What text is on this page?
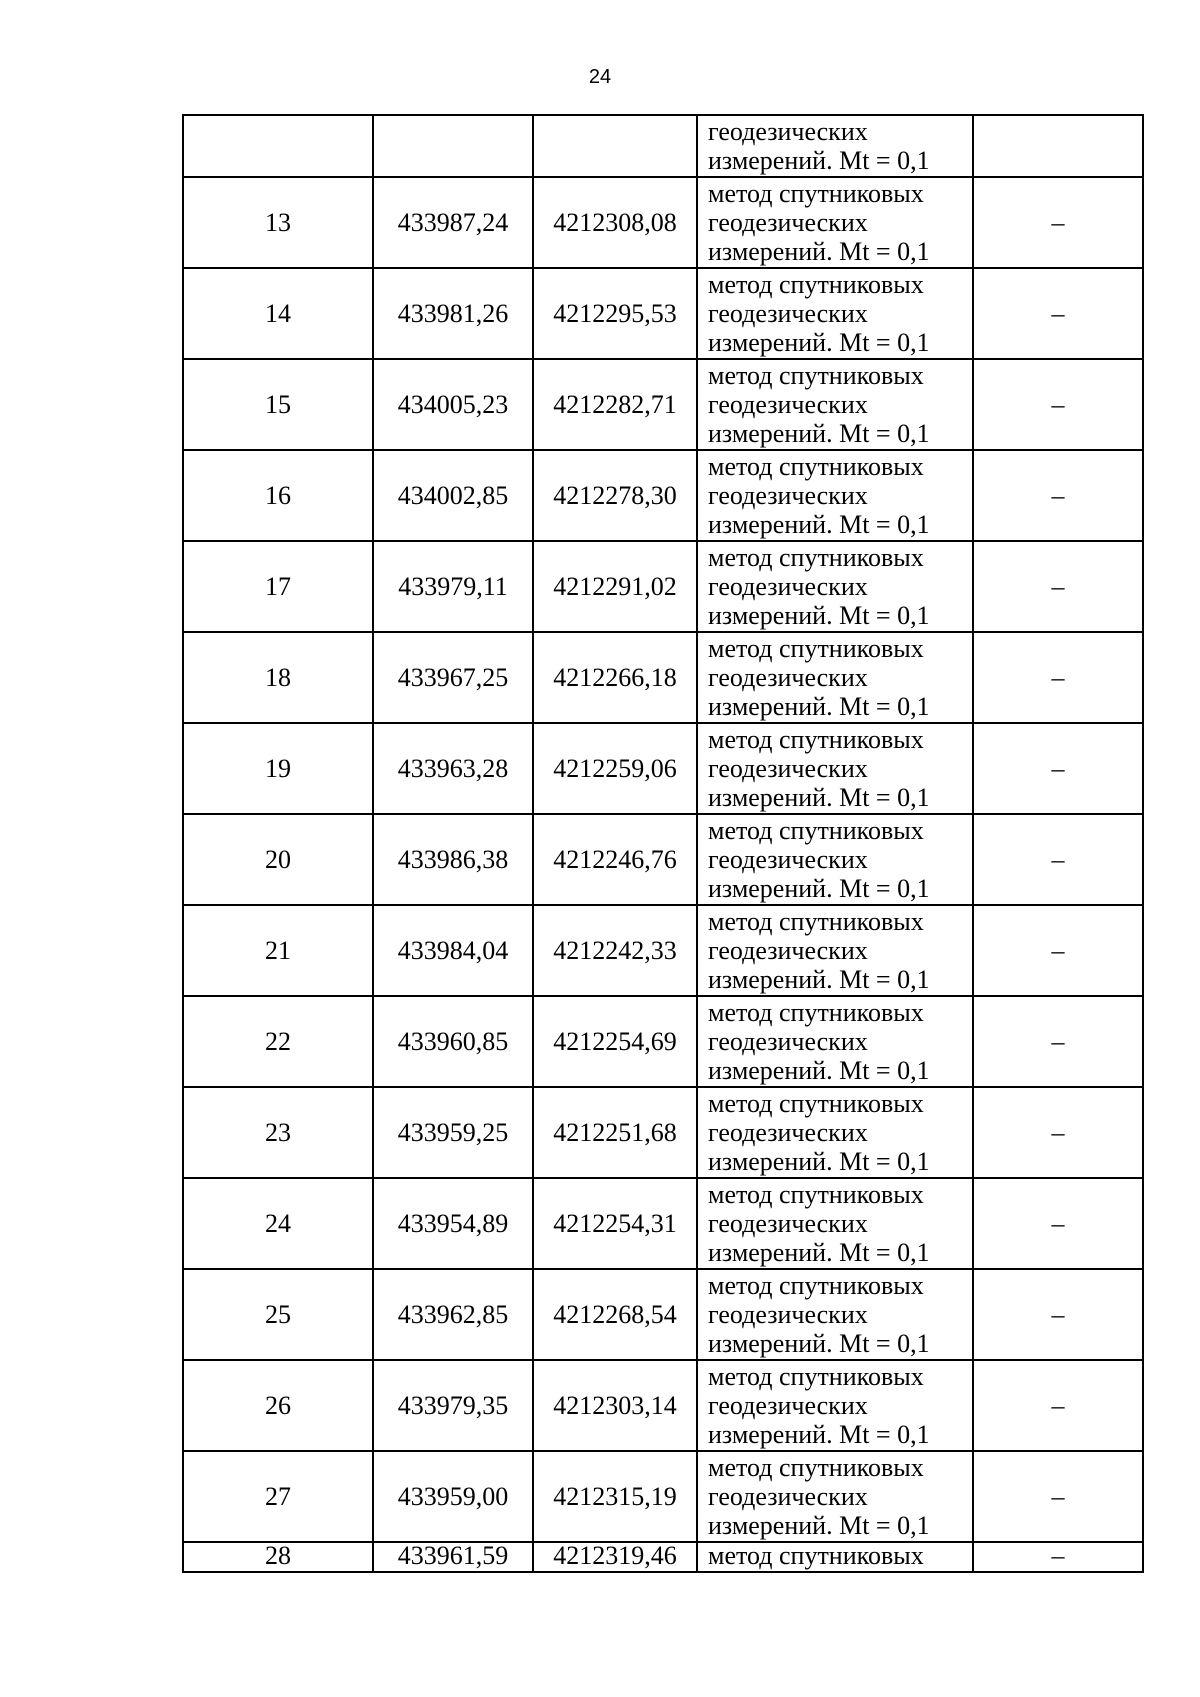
24

			геодезических
измерений. Mt = 0,1	

13	433987,24	4212308,08	метод спутниковых
геодезических
измерений. Mt = 0,1	–
14	433981,26	4212295,53	метод спутниковых
геодезических
измерений. Mt = 0,1	–
15	434005,23	4212282,71	метод спутниковых
геодезических
измерений. Mt = 0,1	–
16	434002,85	4212278,30	метод спутниковых
геодезических
измерений. Mt = 0,1	–
17	433979,11	4212291,02	метод спутниковых
геодезических
измерений. Mt = 0,1	–
18	433967,25	4212266,18	метод спутниковых
геодезических
измерений. Mt = 0,1	–
19	433963,28	4212259,06	метод спутниковых
геодезических
измерений. Mt = 0,1	–
20	433986,38	4212246,76	метод спутниковых
геодезических
измерений. Mt = 0,1	–
21	433984,04	4212242,33	метод спутниковых
геодезических
измерений. Mt = 0,1	–
22	433960,85	4212254,69	метод спутниковых
геодезических
измерений. Mt = 0,1	–
23	433959,25	4212251,68	метод спутниковых
геодезических
измерений. Mt = 0,1	–
24	433954,89	4212254,31	метод спутниковых
геодезических
измерений. Mt = 0,1	–
25	433962,85	4212268,54	метод спутниковых
геодезических
измерений. Mt = 0,1	–
26	433979,35	4212303,14	метод спутниковых
геодезических
измерений. Mt = 0,1	–
27	433959,00	4212315,19	метод спутниковых
геодезических
измерений. Mt = 0,1	–
28	433961,59	4212319,46	метод спутниковых	–
